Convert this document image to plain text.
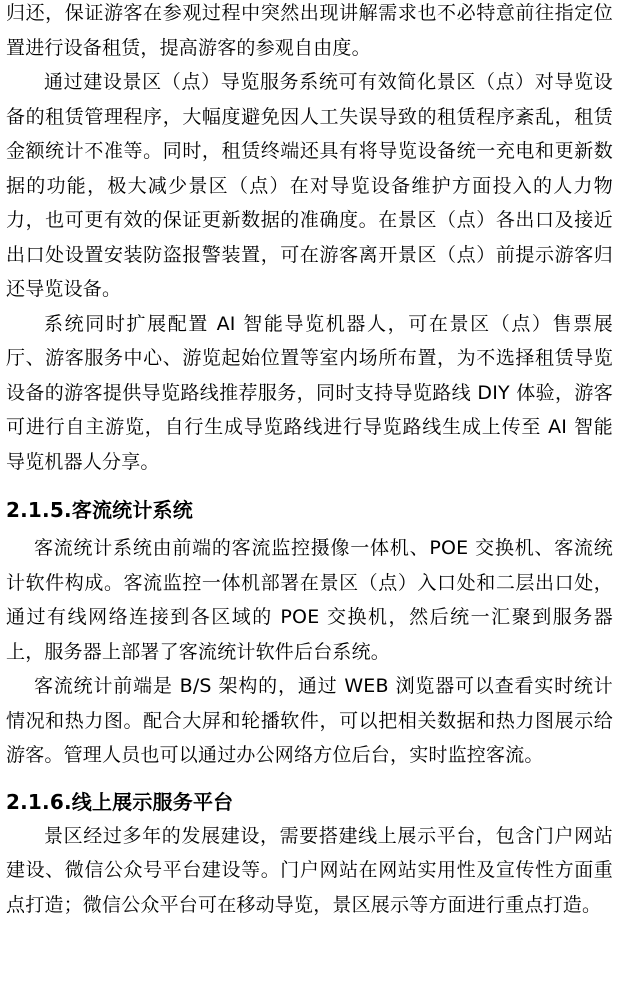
归还，保证游客在参观过程中突然出现讲解需求也不必特意前往指定位置进行设备租赁，提高游客的参观自由度。

通过建设景区（点）导览服务系统可有效简化景区（点）对导览设备的租赁管理程序，大幅度避免因人工失误导致的租赁程序紊乱，租赁金额统计不准等。同时，租赁终端还具有将导览设备统一充电和更新数据的功能，极大减少景区（点）在对导览设备维护方面投入的人力物力，也可更有效的保证更新数据的准确度。在景区（点）各出口及接近出口处设置安装防盗报警装置，可在游客离开景区（点）前提示游客归还导览设备。

系统同时扩展配置 AI 智能导览机器人，可在景区（点）售票展厅、游客服务中心、游览起始位置等室内场所布置，为不选择租赁导览设备的游客提供导览路线推荐服务，同时支持导览路线 DIY 体验，游客可进行自主游览，自行生成导览路线进行导览路线生成上传至 AI 智能导览机器人分享。

2.1.5.客流统计系统

客流统计系统由前端的客流监控摄像一体机、POE 交换机、客流统计软件构成。客流监控一体机部署在景区（点）入口处和二层出口处，通过有线网络连接到各区域的 POE 交换机，然后统一汇聚到服务器上，服务器上部署了客流统计软件后台系统。

客流统计前端是 B/S 架构的，通过 WEB 浏览器可以查看实时统计情况和热力图。配合大屏和轮播软件，可以把相关数据和热力图展示给游客。管理人员也可以通过办公网络方位后台，实时监控客流。

2.1.6.线上展示服务平台

景区经过多年的发展建设，需要搭建线上展示平台，包含门户网站建设、微信公众号平台建设等。门户网站在网站实用性及宣传性方面重点打造；微信公众平台可在移动导览，景区展示等方面进行重点打造。
